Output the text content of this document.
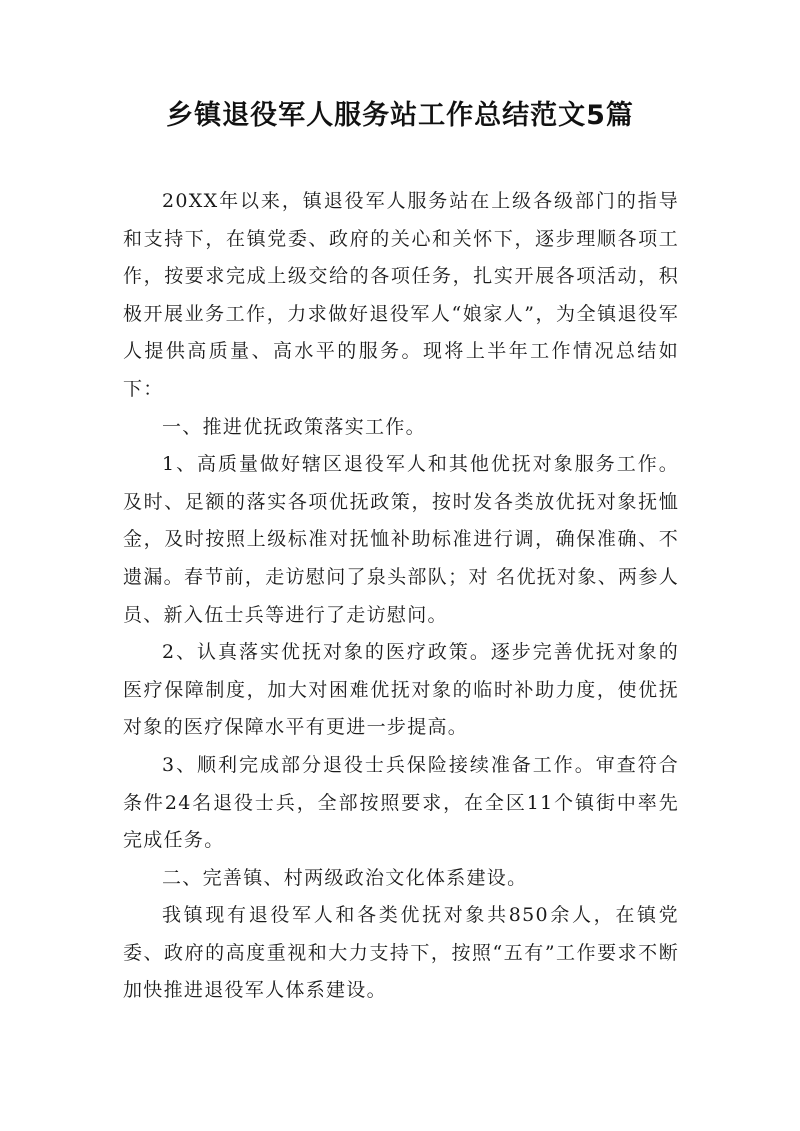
乡镇退役军人服务站工作总结范文5篇

20XX年以来，镇退役军人服务站在上级各级部门的指导和支持下，在镇党委、政府的关心和关怀下，逐步理顺各项工作，按要求完成上级交给的各项任务，扎实开展各项活动，积极开展业务工作，力求做好退役军人“娘家人”，为全镇退役军人提供高质量、高水平的服务。现将上半年工作情况总结如下：

一、推进优抚政策落实工作。

1、高质量做好辖区退役军人和其他优抚对象服务工作。及时、足额的落实各项优抚政策，按时发各类放优抚对象抚恤金，及时按照上级标准对抚恤补助标准进行调，确保准确、不遗漏。春节前，走访慰问了泉头部队；对 名优抚对象、两参人员、新入伍士兵等进行了走访慰问。

2、认真落实优抚对象的医疗政策。逐步完善优抚对象的医疗保障制度，加大对困难优抚对象的临时补助力度，使优抚对象的医疗保障水平有更进一步提高。

3、顺利完成部分退役士兵保险接续准备工作。审查符合条件24名退役士兵，全部按照要求，在全区11个镇街中率先完成任务。

二、完善镇、村两级政治文化体系建设。

我镇现有退役军人和各类优抚对象共850余人，在镇党委、政府的高度重视和大力支持下，按照“五有”工作要求不断加快推进退役军人体系建设。
